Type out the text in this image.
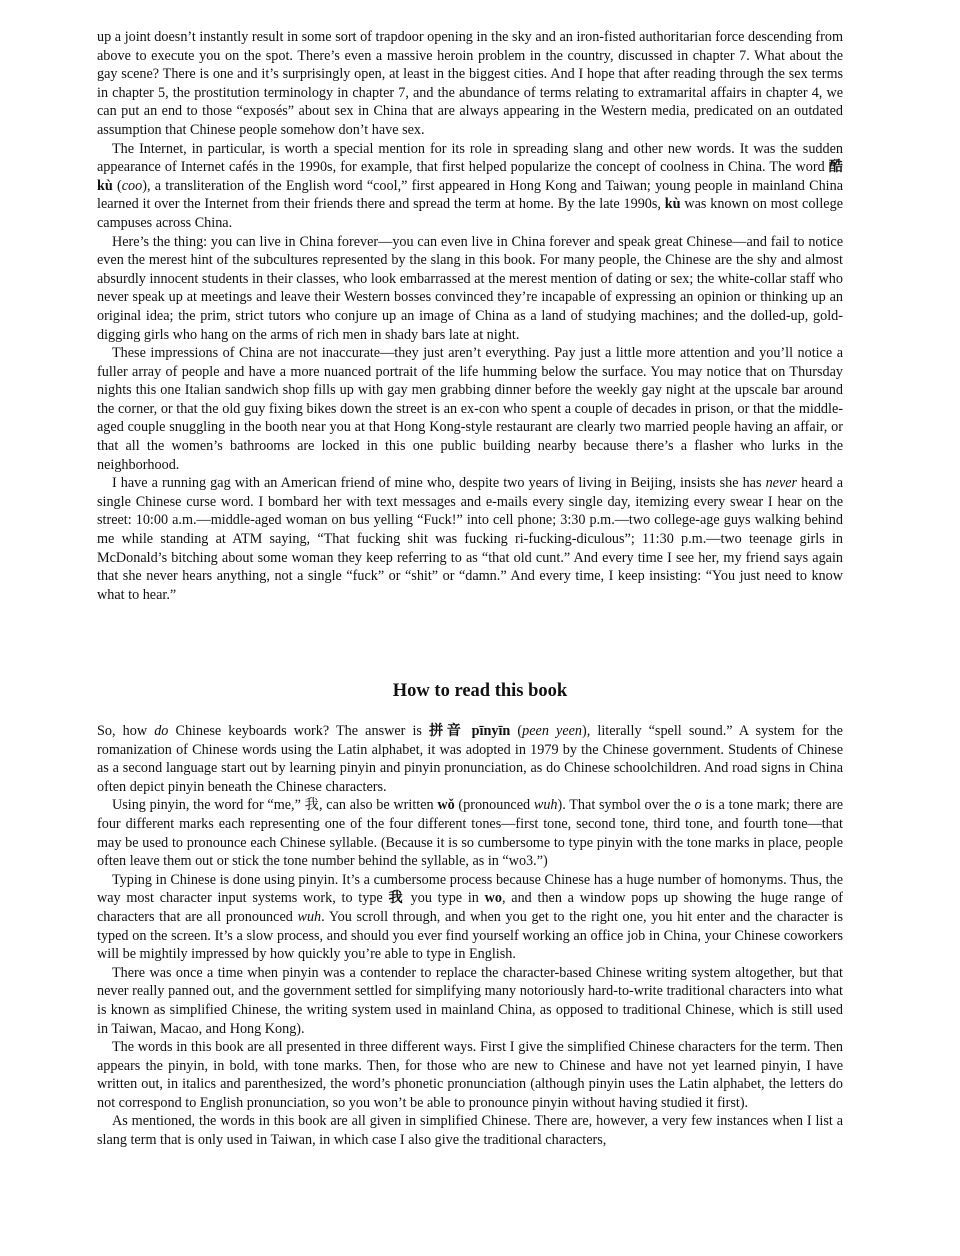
up a joint doesn’t instantly result in some sort of trapdoor opening in the sky and an iron-fisted authoritarian force descending from above to execute you on the spot. There’s even a massive heroin problem in the country, discussed in chapter 7. What about the gay scene? There is one and it’s surprisingly open, at least in the biggest cities. And I hope that after reading through the sex terms in chapter 5, the prostitution terminology in chapter 7, and the abundance of terms relating to extramarital affairs in chapter 4, we can put an end to those “exposés” about sex in China that are always appearing in the Western media, predicated on an outdated assumption that Chinese people somehow don’t have sex.

The Internet, in particular, is worth a special mention for its role in spreading slang and other new words. It was the sudden appearance of Internet cafés in the 1990s, for example, that first helped popularize the concept of coolness in China. The word 酷 kù (coo), a transliteration of the English word “cool,” first appeared in Hong Kong and Taiwan; young people in mainland China learned it over the Internet from their friends there and spread the term at home. By the late 1990s, kù was known on most college campuses across China.

Here’s the thing: you can live in China forever—you can even live in China forever and speak great Chinese—and fail to notice even the merest hint of the subcultures represented by the slang in this book. For many people, the Chinese are the shy and almost absurdly innocent students in their classes, who look embarrassed at the merest mention of dating or sex; the white-collar staff who never speak up at meetings and leave their Western bosses convinced they’re incapable of expressing an opinion or thinking up an original idea; the prim, strict tutors who conjure up an image of China as a land of studying machines; and the dolled-up, gold-digging girls who hang on the arms of rich men in shady bars late at night.

These impressions of China are not inaccurate—they just aren’t everything. Pay just a little more attention and you’ll notice a fuller array of people and have a more nuanced portrait of the life humming below the surface. You may notice that on Thursday nights this one Italian sandwich shop fills up with gay men grabbing dinner before the weekly gay night at the upscale bar around the corner, or that the old guy fixing bikes down the street is an ex-con who spent a couple of decades in prison, or that the middle-aged couple snuggling in the booth near you at that Hong Kong-style restaurant are clearly two married people having an affair, or that all the women’s bathrooms are locked in this one public building nearby because there’s a flasher who lurks in the neighborhood.

I have a running gag with an American friend of mine who, despite two years of living in Beijing, insists she has never heard a single Chinese curse word. I bombard her with text messages and e-mails every single day, itemizing every swear I hear on the street: 10:00 a.m.—middle-aged woman on bus yelling “Fuck!” into cell phone; 3:30 p.m.—two college-age guys walking behind me while standing at ATM saying, “That fucking shit was fucking ri-fucking-diculous”; 11:30 p.m.—two teenage girls in McDonald’s bitching about some woman they keep referring to as “that old cunt.” And every time I see her, my friend says again that she never hears anything, not a single “fuck” or “shit” or “damn.” And every time, I keep insisting: “You just need to know what to hear.”

How to read this book

So, how do Chinese keyboards work? The answer is 拼音 pīnyīn (peen yeen), literally “spell sound.” A system for the romanization of Chinese words using the Latin alphabet, it was adopted in 1979 by the Chinese government. Students of Chinese as a second language start out by learning pinyin and pinyin pronunciation, as do Chinese schoolchildren. And road signs in China often depict pinyin beneath the Chinese characters.

Using pinyin, the word for “me,” 我, can also be written wǒ (pronounced wuh). That symbol over the o is a tone mark; there are four different marks each representing one of the four different tones—first tone, second tone, third tone, and fourth tone—that may be used to pronounce each Chinese syllable. (Because it is so cumbersome to type pinyin with the tone marks in place, people often leave them out or stick the tone number behind the syllable, as in “wo3.”)

Typing in Chinese is done using pinyin. It’s a cumbersome process because Chinese has a huge number of homonyms. Thus, the way most character input systems work, to type 我 you type in wo, and then a window pops up showing the huge range of characters that are all pronounced wuh. You scroll through, and when you get to the right one, you hit enter and the character is typed on the screen. It’s a slow process, and should you ever find yourself working an office job in China, your Chinese coworkers will be mightily impressed by how quickly you’re able to type in English.

There was once a time when pinyin was a contender to replace the character-based Chinese writing system altogether, but that never really panned out, and the government settled for simplifying many notoriously hard-to-write traditional characters into what is known as simplified Chinese, the writing system used in mainland China, as opposed to traditional Chinese, which is still used in Taiwan, Macao, and Hong Kong).

The words in this book are all presented in three different ways. First I give the simplified Chinese characters for the term. Then appears the pinyin, in bold, with tone marks. Then, for those who are new to Chinese and have not yet learned pinyin, I have written out, in italics and parenthesized, the word’s phonetic pronunciation (although pinyin uses the Latin alphabet, the letters do not correspond to English pronunciation, so you won’t be able to pronounce pinyin without having studied it first).

As mentioned, the words in this book are all given in simplified Chinese. There are, however, a very few instances when I list a slang term that is only used in Taiwan, in which case I also give the traditional characters,
